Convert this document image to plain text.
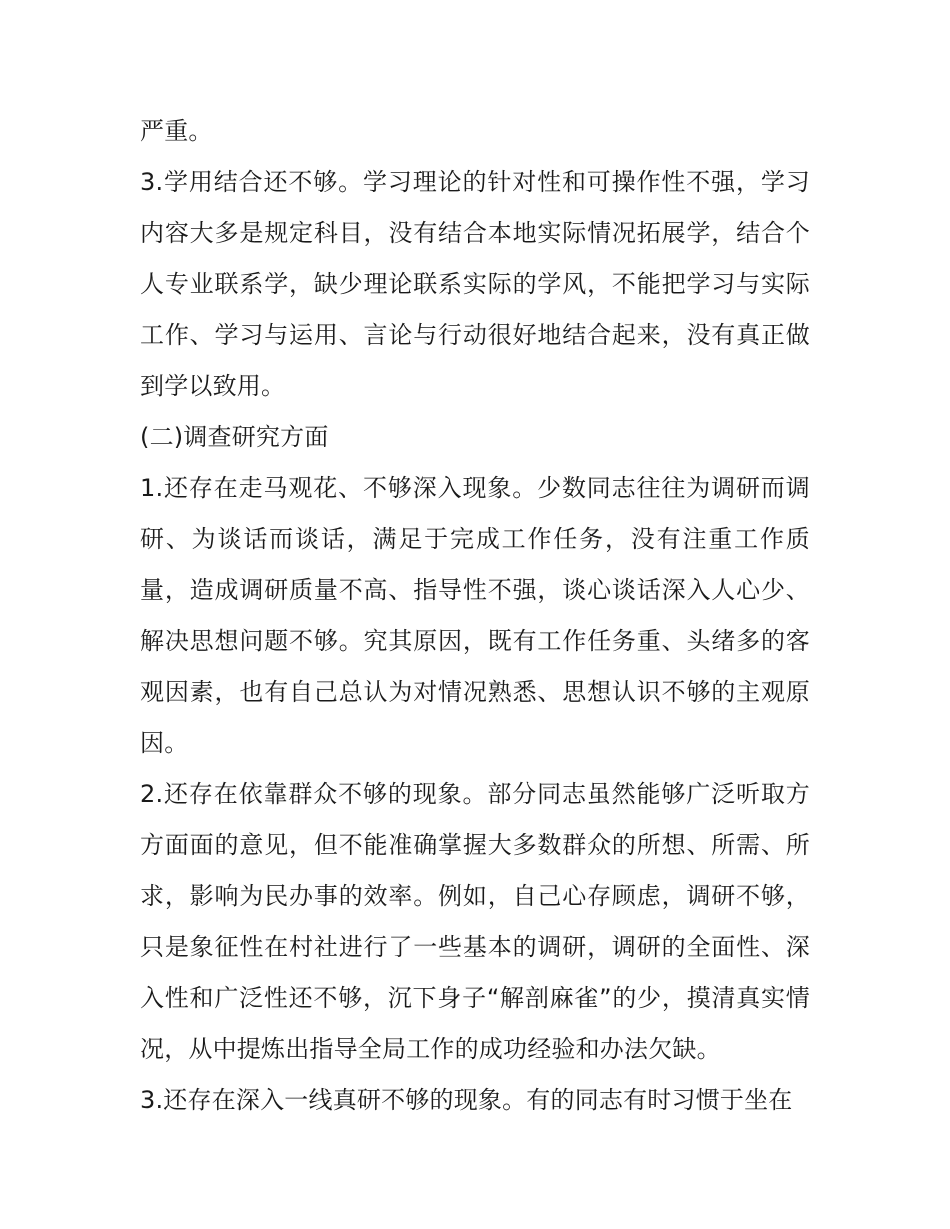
严重。

3.学用结合还不够。学习理论的针对性和可操作性不强，学习内容大多是规定科目，没有结合本地实际情况拓展学，结合个人专业联系学，缺少理论联系实际的学风，不能把学习与实际工作、学习与运用、言论与行动很好地结合起来，没有真正做到学以致用。

(二)调查研究方面

1.还存在走马观花、不够深入现象。少数同志往往为调研而调研、为谈话而谈话，满足于完成工作任务，没有注重工作质量，造成调研质量不高、指导性不强，谈心谈话深入人心少、解决思想问题不够。究其原因，既有工作任务重、头绪多的客观因素，也有自己总认为对情况熟悉、思想认识不够的主观原因。

2.还存在依靠群众不够的现象。部分同志虽然能够广泛听取方方面面的意见，但不能准确掌握大多数群众的所想、所需、所求，影响为民办事的效率。例如，自己心存顾虑，调研不够，只是象征性在村社进行了一些基本的调研，调研的全面性、深入性和广泛性还不够，沉下身子“解剖麻雀”的少，摸清真实情况，从中提炼出指导全局工作的成功经验和办法欠缺。

3.还存在深入一线真研不够的现象。有的同志有时习惯于坐在
